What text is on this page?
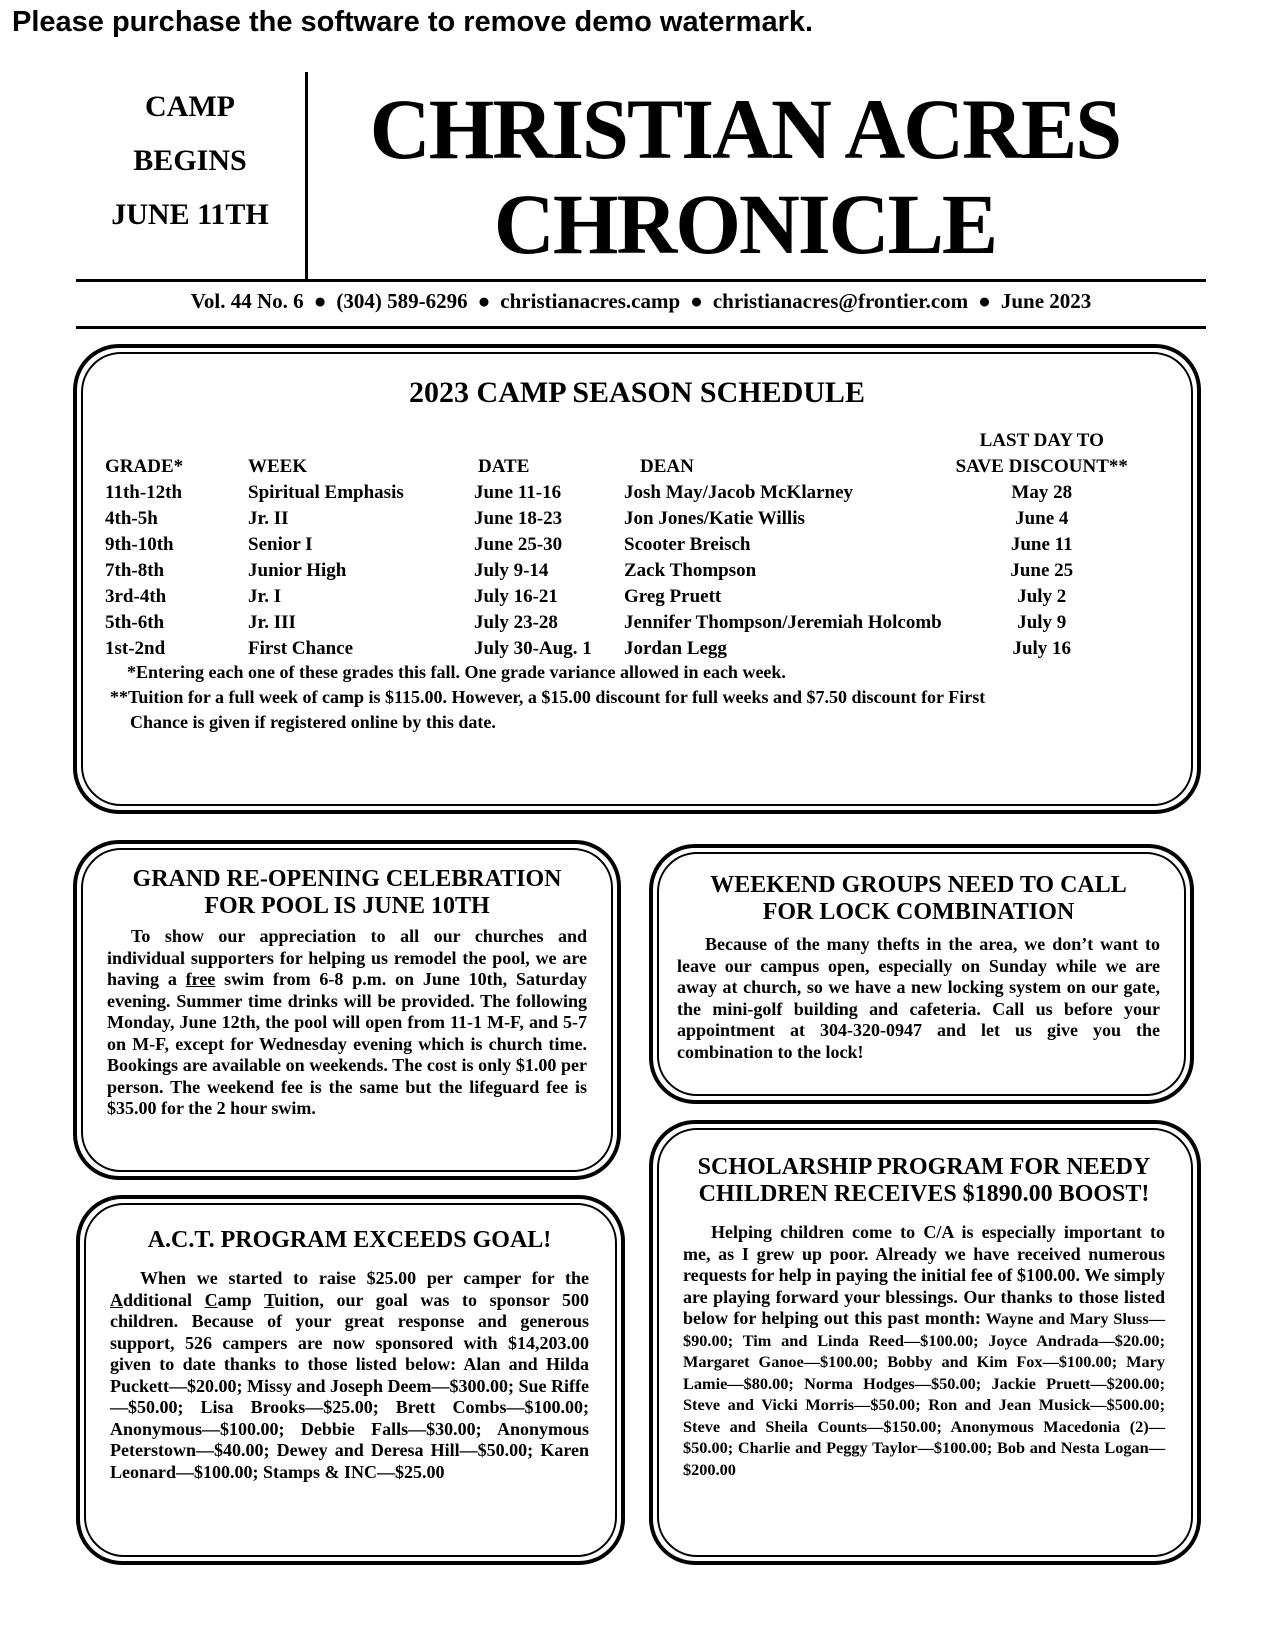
Please purchase the software to remove demo watermark.
CAMP
BEGINS
JUNE 11TH
CHRISTIAN ACRES
CHRONICLE
Vol. 44 No. 6 ● (304) 589-6296 ● christianacres.camp ● christianacres@frontier.com ● June 2023
2023 CAMP SEASON SCHEDULE
				LAST DAY TO
GRADE*	WEEK	DATE	DEAN	SAVE DISCOUNT**
11th-12th	Spiritual Emphasis	June 11-16	Josh May/Jacob McKlarney	May 28
4th-5h	Jr. II	June 18-23	Jon Jones/Katie Willis	June 4
9th-10th	Senior I	June 25-30	Scooter Breisch	June 11
7th-8th	Junior High	July 9-14	Zack Thompson	June 25
3rd-4th	Jr. I	July 16-21	Greg Pruett	July 2
5th-6th	Jr. III	July 23-28	Jennifer Thompson/Jeremiah Holcomb	July 9
1st-2nd	First Chance	July 30-Aug. 1	Jordan Legg	July 16
*Entering each one of these grades this fall. One grade variance allowed in each week.
**Tuition for a full week of camp is $115.00. However, a $15.00 discount for full weeks and $7.50 discount for First
Chance is given if registered online by this date.
GRAND RE-OPENING CELEBRATION
FOR POOL IS JUNE 10TH
To show our appreciation to all our churches and individual supporters for helping us remodel the pool, we are having a free swim from 6-8 p.m. on June 10th, Saturday evening. Summer time drinks will be provided. The following Monday, June 12th, the pool will open from 11-1 M-F, and 5-7 on M-F, except for Wednesday evening which is church time. Bookings are available on weekends. The cost is only $1.00 per person. The weekend fee is the same but the lifeguard fee is $35.00 for the 2 hour swim.
WEEKEND GROUPS NEED TO CALL
FOR LOCK COMBINATION
Because of the many thefts in the area, we don’t want to leave our campus open, especially on Sunday while we are away at church, so we have a new locking system on our gate, the mini-golf building and cafeteria. Call us before your appointment at 304-320-0947 and let us give you the combination to the lock!
A.C.T. PROGRAM EXCEEDS GOAL!
When we started to raise $25.00 per camper for the Additional Camp Tuition, our goal was to sponsor 500 children. Because of your great response and generous support, 526 campers are now sponsored with $14,203.00 given to date thanks to those listed below: Alan and Hilda Puckett—$20.00; Missy and Joseph Deem—$300.00; Sue Riffe—$50.00; Lisa Brooks—$25.00; Brett Combs—$100.00; Anonymous—$100.00; Debbie Falls—$30.00; Anonymous Peterstown—$40.00; Dewey and Deresa Hill—$50.00; Karen Leonard—$100.00; Stamps & INC—$25.00
SCHOLARSHIP PROGRAM FOR NEEDY
CHILDREN RECEIVES $1890.00 BOOST!
Helping children come to C/A is especially important to me, as I grew up poor. Already we have received numerous requests for help in paying the initial fee of $100.00. We simply are playing forward your blessings. Our thanks to those listed below for helping out this past month: Wayne and Mary Sluss—$90.00; Tim and Linda Reed—$100.00; Joyce Andrada—$20.00; Margaret Ganoe—$100.00; Bobby and Kim Fox—$100.00; Mary Lamie—$80.00; Norma Hodges—$50.00; Jackie Pruett—$200.00; Steve and Vicki Morris—$50.00; Ron and Jean Musick—$500.00; Steve and Sheila Counts—$150.00; Anonymous Macedonia (2)—$50.00; Charlie and Peggy Taylor—$100.00; Bob and Nesta Logan—$200.00
